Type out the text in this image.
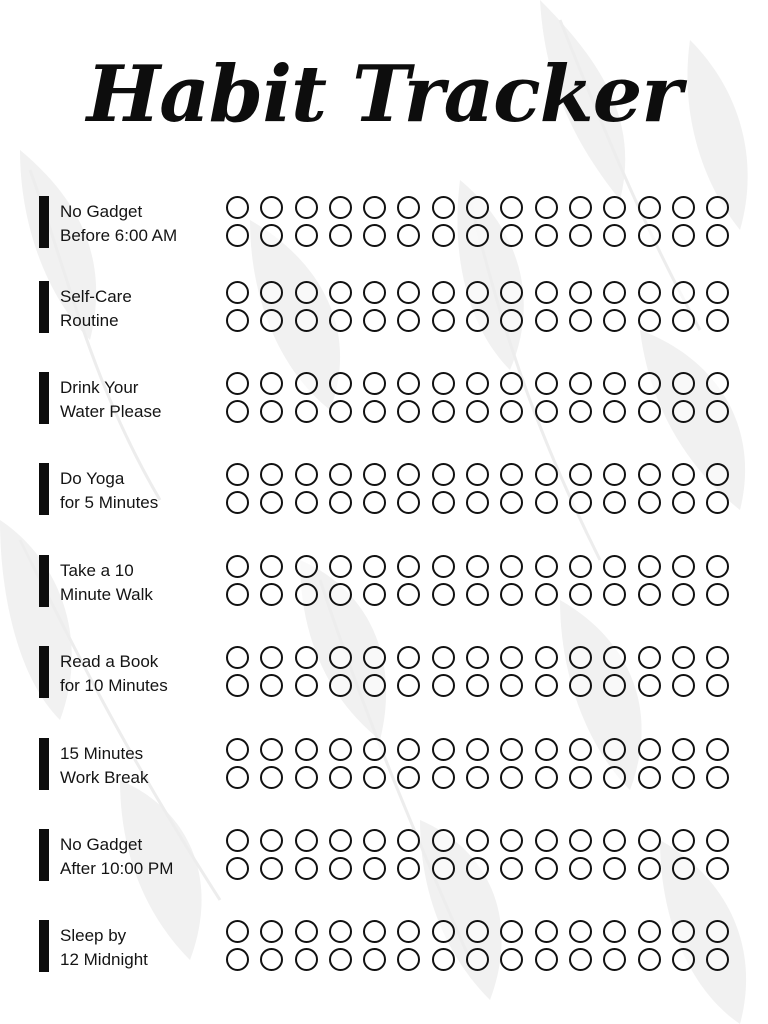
Habit Tracker
No Gadget
Before 6:00 AM
Self-Care
Routine
Drink Your
Water Please
Do Yoga
for 5 Minutes
Take a 10
Minute Walk
Read a Book
for 10 Minutes
15 Minutes
Work Break
No Gadget
After 10:00 PM
Sleep by
12 Midnight
